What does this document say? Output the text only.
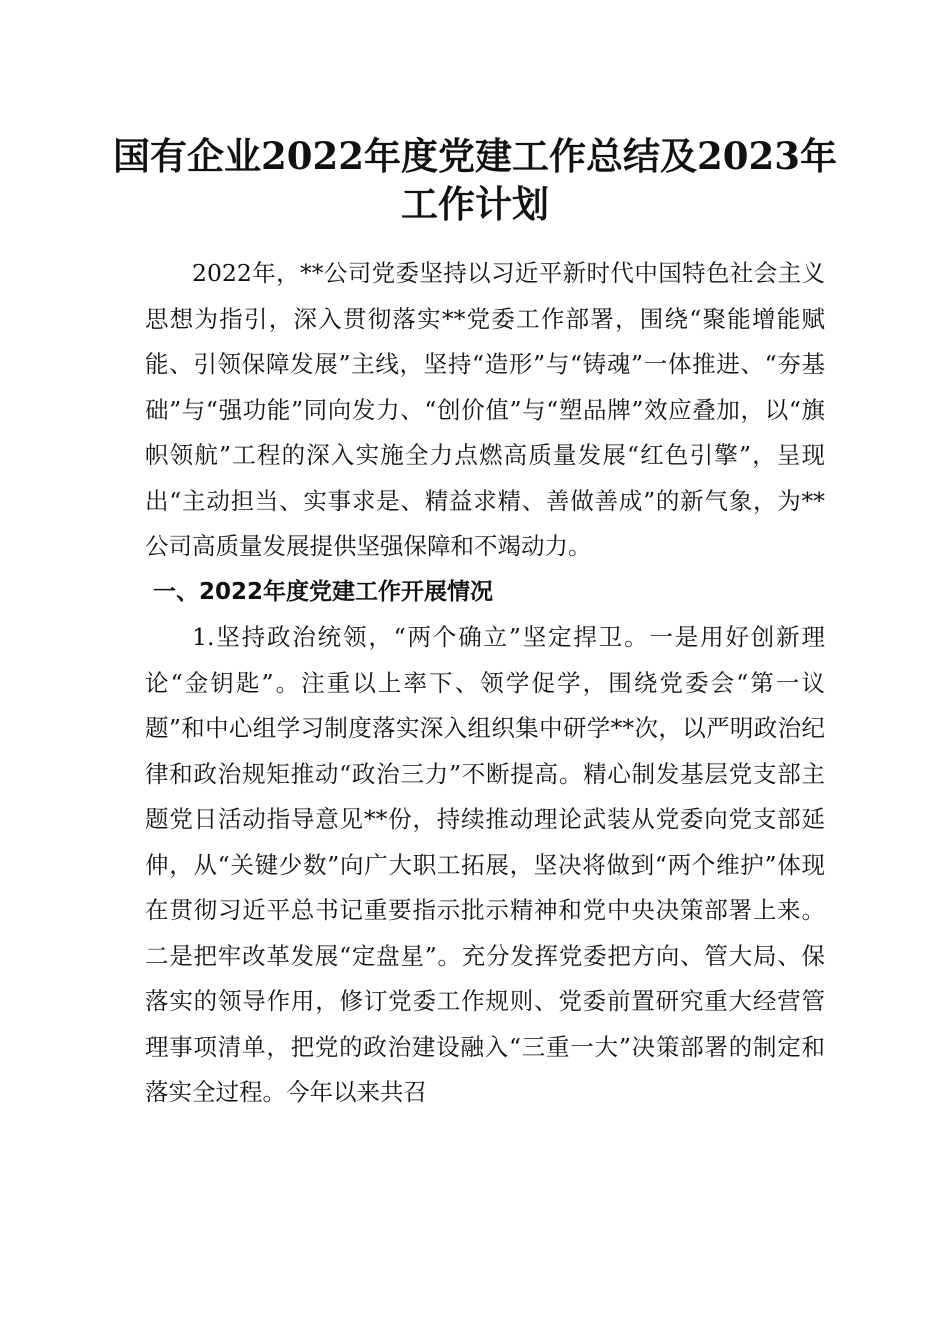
国有企业2022年度党建工作总结及2023年工作计划

2022年，**公司党委坚持以习近平新时代中国特色社会主义思想为指引，深入贯彻落实**党委工作部署，围绕“聚能增能赋能、引领保障发展”主线，坚持“造形”与“铸魂”一体推进、“夯基础”与“强功能”同向发力、“创价值”与“塑品牌”效应叠加，以“旗帜领航”工程的深入实施全力点燃高质量发展“红色引擎”，呈现出“主动担当、实事求是、精益求精、善做善成”的新气象，为**公司高质量发展提供坚强保障和不竭动力。

一、2022年度党建工作开展情况

1.坚持政治统领，“两个确立”坚定捍卫。一是用好创新理论“金钥匙”。注重以上率下、领学促学，围绕党委会“第一议题”和中心组学习制度落实深入组织集中研学**次，以严明政治纪律和政治规矩推动“政治三力”不断提高。精心制发基层党支部主题党日活动指导意见**份，持续推动理论武装从党委向党支部延伸，从“关键少数”向广大职工拓展，坚决将做到“两个维护”体现在贯彻习近平总书记重要指示批示精神和党中央决策部署上来。二是把牢改革发展“定盘星”。充分发挥党委把方向、管大局、保落实的领导作用，修订党委工作规则、党委前置研究重大经营管理事项清单，把党的政治建设融入“三重一大”决策部署的制定和落实全过程。今年以来共召
